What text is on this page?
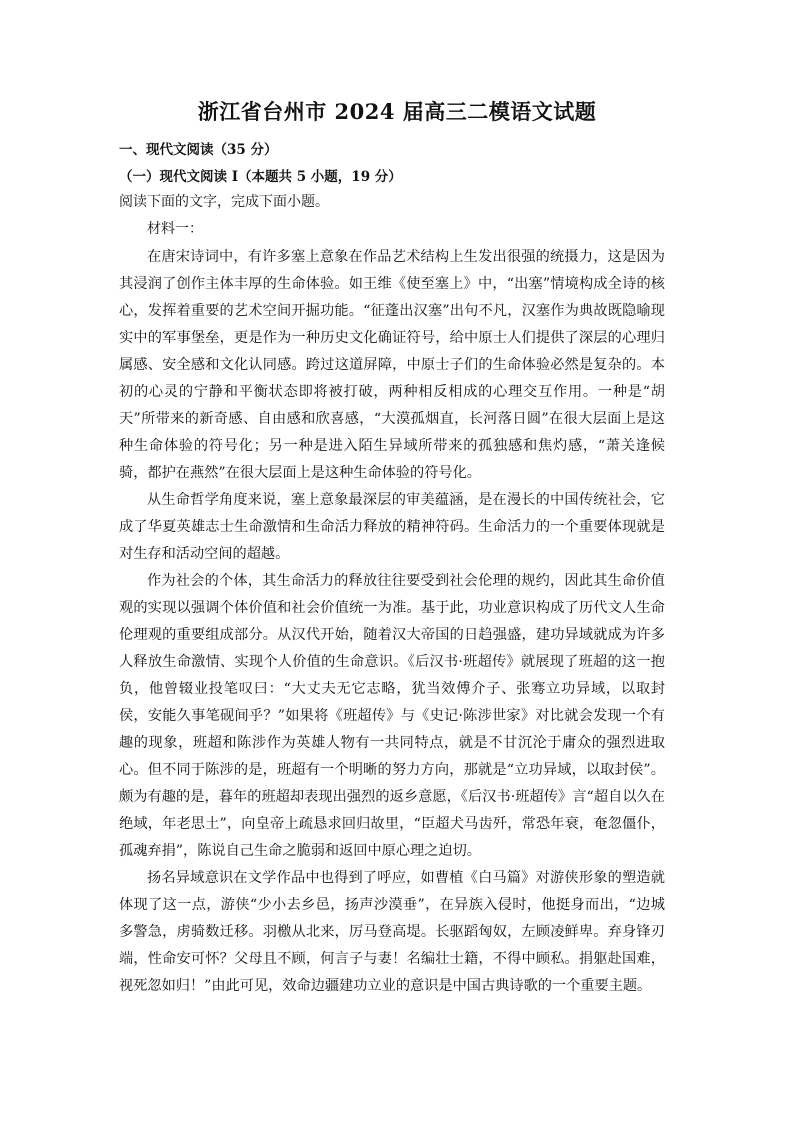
浙江省台州市 2024 届高三二模语文试题
一、现代文阅读（35 分）
（一）现代文阅读 I（本题共 5 小题，19 分）
阅读下面的文字，完成下面小题。
材料一：

在唐宋诗词中，有许多塞上意象在作品艺术结构上生发出很强的统摄力，这是因为其浸润了创作主体丰厚的生命体验。如王维《使至塞上》中，“出塞”情境构成全诗的核心，发挥着重要的艺术空间开掘功能。“征蓬出汉塞”出句不凡，汉塞作为典故既隐喻现实中的军事堡垒，更是作为一种历史文化确证符号，给中原士人们提供了深层的心理归属感、安全感和文化认同感。跨过这道屏障，中原士子们的生命体验必然是复杂的。本初的心灵的宁静和平衡状态即将被打破，两种相反相成的心理交互作用。一种是“胡天”所带来的新奇感、自由感和欣喜感，“大漠孤烟直，长河落日圆”在很大层面上是这种生命体验的符号化；另一种是进入陌生异域所带来的孤独感和焦灼感，“萧关逢候骑，都护在燕然”在很大层面上是这种生命体验的符号化。

从生命哲学角度来说，塞上意象最深层的审美蕴涵，是在漫长的中国传统社会，它成了华夏英雄志士生命激情和生命活力释放的精神符码。生命活力的一个重要体现就是对生存和活动空间的超越。

作为社会的个体，其生命活力的释放往往要受到社会伦理的规约，因此其生命价值观的实现以强调个体价值和社会价值统一为准。基于此，功业意识构成了历代文人生命伦理观的重要组成部分。从汉代开始，随着汉大帝国的日趋强盛，建功异域就成为许多人释放生命激情、实现个人价值的生命意识。《后汉书·班超传》就展现了班超的这一抱负，他曾辍业投笔叹曰：“大丈夫无它志略，犹当效傅介子、张骞立功异域，以取封侯，安能久事笔砚间乎？”如果将《班超传》与《史记·陈涉世家》对比就会发现一个有趣的现象，班超和陈涉作为英雄人物有一共同特点，就是不甘沉沦于庸众的强烈进取心。但不同于陈涉的是，班超有一个明晰的努力方向，那就是“立功异域，以取封侯”。颇为有趣的是，暮年的班超却表现出强烈的返乡意愿，《后汉书·班超传》言“超自以久在绝域，年老思土”，向皇帝上疏恳求回归故里，“臣超犬马齿歼，常恐年衰，奄忽僵仆，孤魂弃捐”，陈说自己生命之脆弱和返回中原心理之迫切。

扬名异域意识在文学作品中也得到了呼应，如曹植《白马篇》对游侠形象的塑造就体现了这一点，游侠“少小去乡邑，扬声沙漠垂”，在异族入侵时，他挺身而出，“边城多警急，虏骑数迁移。羽檄从北来，厉马登高堤。长驱蹈匈奴，左顾凌鲜卑。弃身锋刃端，性命安可怀？父母且不顾，何言子与妻！名编壮士籍，不得中顾私。捐躯赴国难，视死忽如归！”由此可见，效命边疆建功立业的意识是中国古典诗歌的一个重要主题。
